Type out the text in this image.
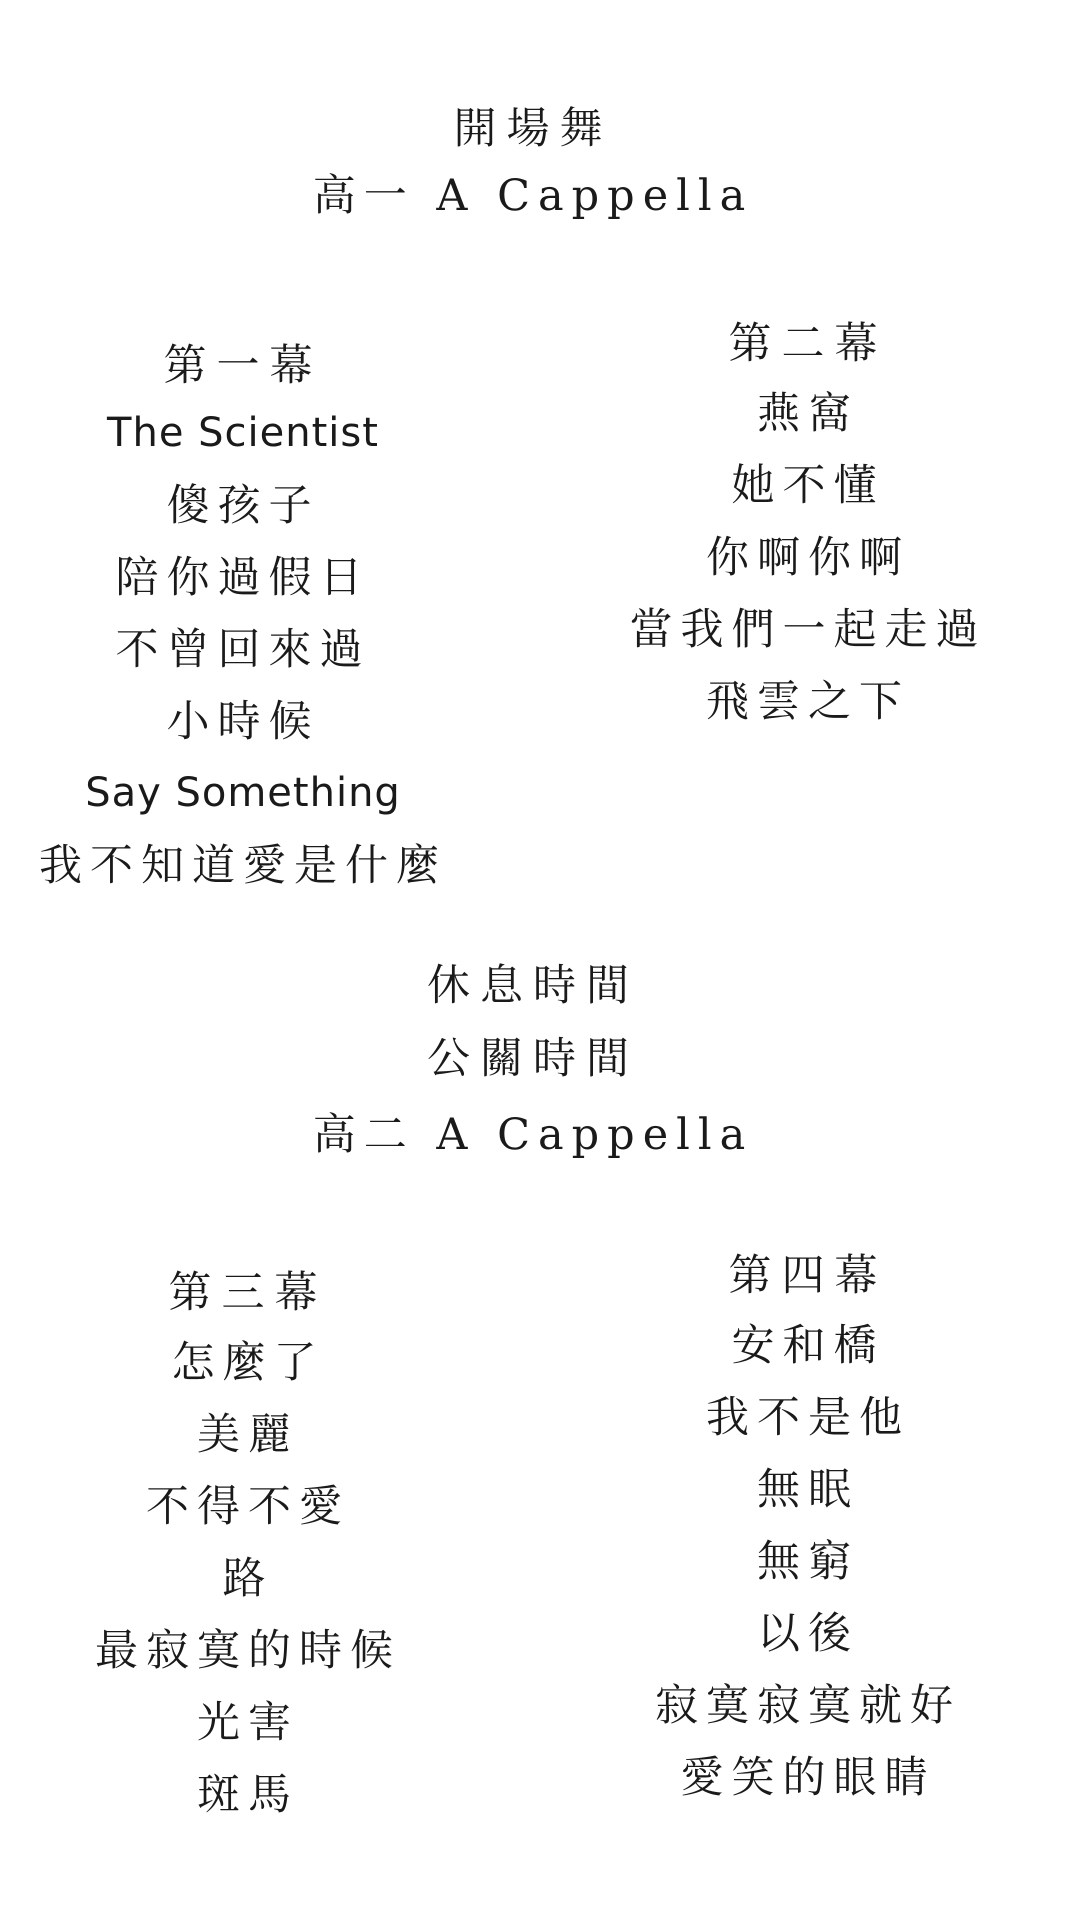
開場舞
高一 A Cappella
第一幕
The Scientist
傻孩子
陪你過假日
不曾回來過
小時候
Say Something
我不知道愛是什麼
第二幕
燕窩
她不懂
你啊你啊
當我們一起走過
飛雲之下
休息時間
公關時間
高二 A Cappella
第三幕
怎麼了
美麗
不得不愛
路
最寂寞的時候
光害
斑馬
第四幕
安和橋
我不是他
無眠
無窮
以後
寂寞寂寞就好
愛笑的眼睛
